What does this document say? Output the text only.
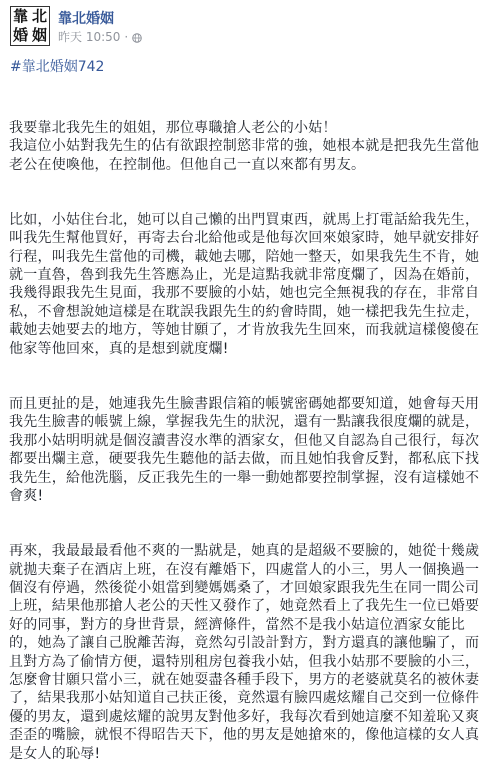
靠 北
婚 姻
靠北婚姻
昨天 10:50 ·
#靠北婚姻742

我要靠北我先生的姐姐，那位專職搶人老公的小姑！
我這位小姑對我先生的佔有欲跟控制慾非常的強，她根本就是把我先生當他老公在使喚他，在控制他。但他自己一直以來都有男友。

比如，小姑住台北，她可以自己懶的出門買東西，就馬上打電話給我先生，叫我先生幫他買好，再寄去台北給他或是他每次回來娘家時，她早就安排好行程，叫我先生當他的司機，載她去哪，陪她一整天，如果我先生不肯，她就一直魯，魯到我先生答應為止，光是這點我就非常度爛了，因為在婚前，我幾得跟我先生見面，我那不要臉的小姑，她也完全無視我的存在，非常自私，不會想說她這樣是在耽誤我跟先生的約會時間，她一樣把我先生拉走，載她去她要去的地方，等她甘願了，才肯放我先生回來，而我就這樣傻傻在他家等他回來，真的是想到就度爛!

而且更扯的是，她連我先生臉書跟信箱的帳號密碼她都要知道，她會每天用我先生臉書的帳號上線，掌握我先生的狀況，還有一點讓我很度爛的就是，我那小姑明明就是個沒讀書沒水準的酒家女，但他又自認為自己很行，每次都要出爛主意，硬要我先生聽他的話去做，而且她怕我會反對，都私底下找我先生，給他洗腦，反正我先生的一舉一動她都要控制掌握，沒有這樣她不會爽!

再來，我最最最看他不爽的一點就是，她真的是超級不要臉的，她從十幾歲就拋夫棄子在酒店上班，在沒有離婚下，四處當人的小三，男人一個換過一個沒有停過，然後從小姐當到變媽媽桑了，才回娘家跟我先生在同一間公司上班，結果他那搶人老公的天性又發作了，她竟然看上了我先生一位已婚要好的同事，對方的身世背景，經濟條件，當然不是我小姑這位酒家女能比的，她為了讓自己脫離苦海，竟然勾引設計對方，對方還真的讓他騙了，而且對方為了偷情方便，還特別租房包養我小姑，但我小姑那不要臉的小三，怎麼會甘願只當小三，就在她耍盡各種手段下，男方的老婆就莫名的被休妻了，結果我那小姑知道自己扶正後，竟然還有臉四處炫耀自己交到一位條件優的男友，還到處炫耀的說男友對他多好，我每次看到她這麼不知羞恥又爽歪歪的嘴臉，就恨不得昭告天下，他的男友是她搶來的，像他這樣的女人真是女人的恥辱!
